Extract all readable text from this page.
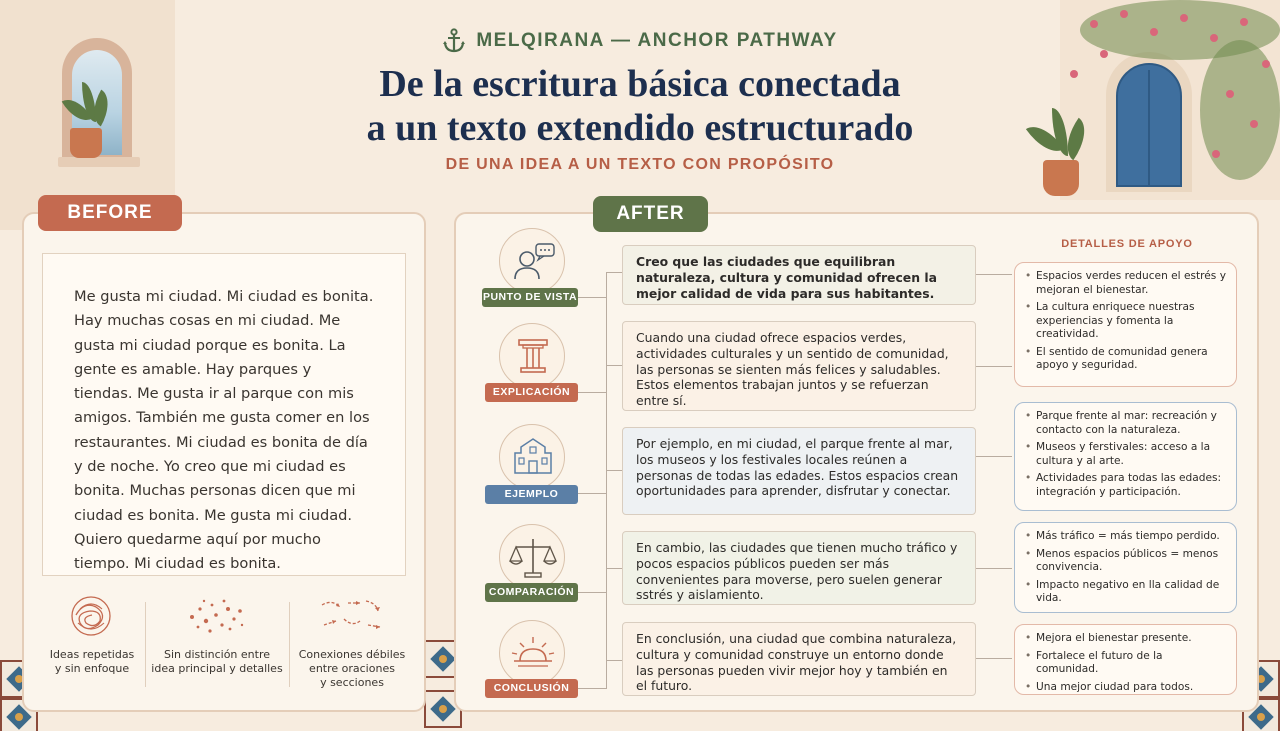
MELQIRANA — ANCHOR PATHWAY
De la escritura básica conectada
a un texto extendido estructurado
DE UNA IDEA A UN TEXTO CON PROPÓSITO
BEFORE
Me gusta mi ciudad. Mi ciudad es bonita. Hay muchas cosas en mi ciudad. Me gusta mi ciudad porque es bonita. La gente es amable. Hay parques y tiendas. Me gusta ir al parque con mis amigos. También me gusta comer en los restaurantes. Mi ciudad es bonita de día y de noche. Yo creo que mi ciudad es bonita. Muchas personas dicen que mi ciudad es bonita. Me gusta mi ciudad. Quiero quedarme aquí por mucho tiempo. Mi ciudad es bonita.
Ideas repetidas
y sin enfoque
Sin distinción entre
idea principal y detalles
Conexiones débiles
entre oraciones
y secciones
AFTER
PUNTO DE VISTA
Creo que las ciudades que equilibran naturaleza, cultura y comunidad ofrecen la mejor calidad de vida para sus habitantes.
EXPLICACIÓN
Cuando una ciudad ofrece espacios verdes, actividades culturales y un sentido de comunidad, las personas se sienten más felices y saludables. Estos elementos trabajan juntos y se refuerzan entre sí.
EJEMPLO
Por ejemplo, en mi ciudad, el parque frente al mar, los museos y los festivales locales reúnen a personas de todas las edades. Estos espacios crean oportunidades para aprender, disfrutar y conectar.
COMPARACIÓN
En cambio, las ciudades que tienen mucho tráfico y pocos espacios públicos pueden ser más convenientes para moverse, pero suelen generar sstrés y aislamiento.
CONCLUSIÓN
En conclusión, una ciudad que combina naturaleza, cultura y comunidad construye un entorno donde las personas pueden vivir mejor hoy y también en el futuro.
DETALLES DE APOYO
• Espacios verdes reducen el estrés y mejoran el bienestar.
• La cultura enriquece nuestras experiencias y fomenta la creatividad.
• El sentido de comunidad genera apoyo y seguridad.
• Parque frente al mar: recreación y contacto con la naturaleza.
• Museos y ferstivales: acceso a la cultura y al arte.
• Actividades para todas las edades: integración y participación.
• Más tráfico = más tiempo perdido.
• Menos espacios públicos = menos convivencia.
• Impacto negativo en lla calidad de vida.
• Mejora el bienestar presente.
• Fortalece el futuro de la comunidad.
• Una mejor ciudad para todos.
